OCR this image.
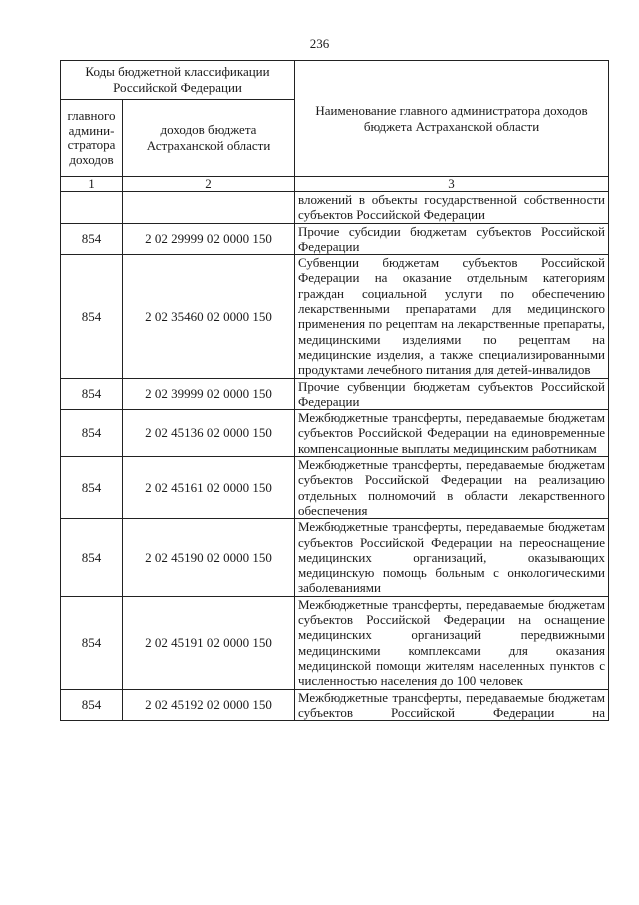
236
Коды бюджетной классификации Российской Федерации		Наименование главного администратора доходов бюджета Астраханской области
главного админи-стратора доходов	доходов бюджета Астраханской области	
1	2	3
		вложений в объекты государственной собственности субъектов Российской Федерации
854	2 02 29999 02 0000 150	Прочие субсидии бюджетам субъектов Российской Федерации
854	2 02 35460 02 0000 150	Субвенции бюджетам субъектов Российской Федерации на оказание отдельным категориям граждан социальной услуги по обеспечению лекарственными препаратами для медицинского применения по рецептам на лекарственные препараты, медицинскими изделиями по рецептам на медицинские изделия, а также специализированными продуктами лечебного питания для детей-инвалидов
854	2 02 39999 02 0000 150	Прочие субвенции бюджетам субъектов Российской Федерации
854	2 02 45136 02 0000 150	Межбюджетные трансферты, передаваемые бюджетам субъектов Российской Федерации на единовременные компенсационные выплаты медицинским работникам
854	2 02 45161 02 0000 150	Межбюджетные трансферты, передаваемые бюджетам субъектов Российской Федерации на реализацию отдельных полномочий в области лекарственного обеспечения
854	2 02 45190 02 0000 150	Межбюджетные трансферты, передаваемые бюджетам субъектов Российской Федерации на переоснащение медицинских организаций, оказывающих медицинскую помощь больным с онкологическими заболеваниями
854	2 02 45191 02 0000 150	Межбюджетные трансферты, передаваемые бюджетам субъектов Российской Федерации на оснащение медицинских организаций передвижными медицинскими комплексами для оказания медицинской помощи жителям населенных пунктов с численностью населения до 100 человек
854	2 02 45192 02 0000 150	Межбюджетные трансферты, передаваемые бюджетам субъектов Российской Федерации на
